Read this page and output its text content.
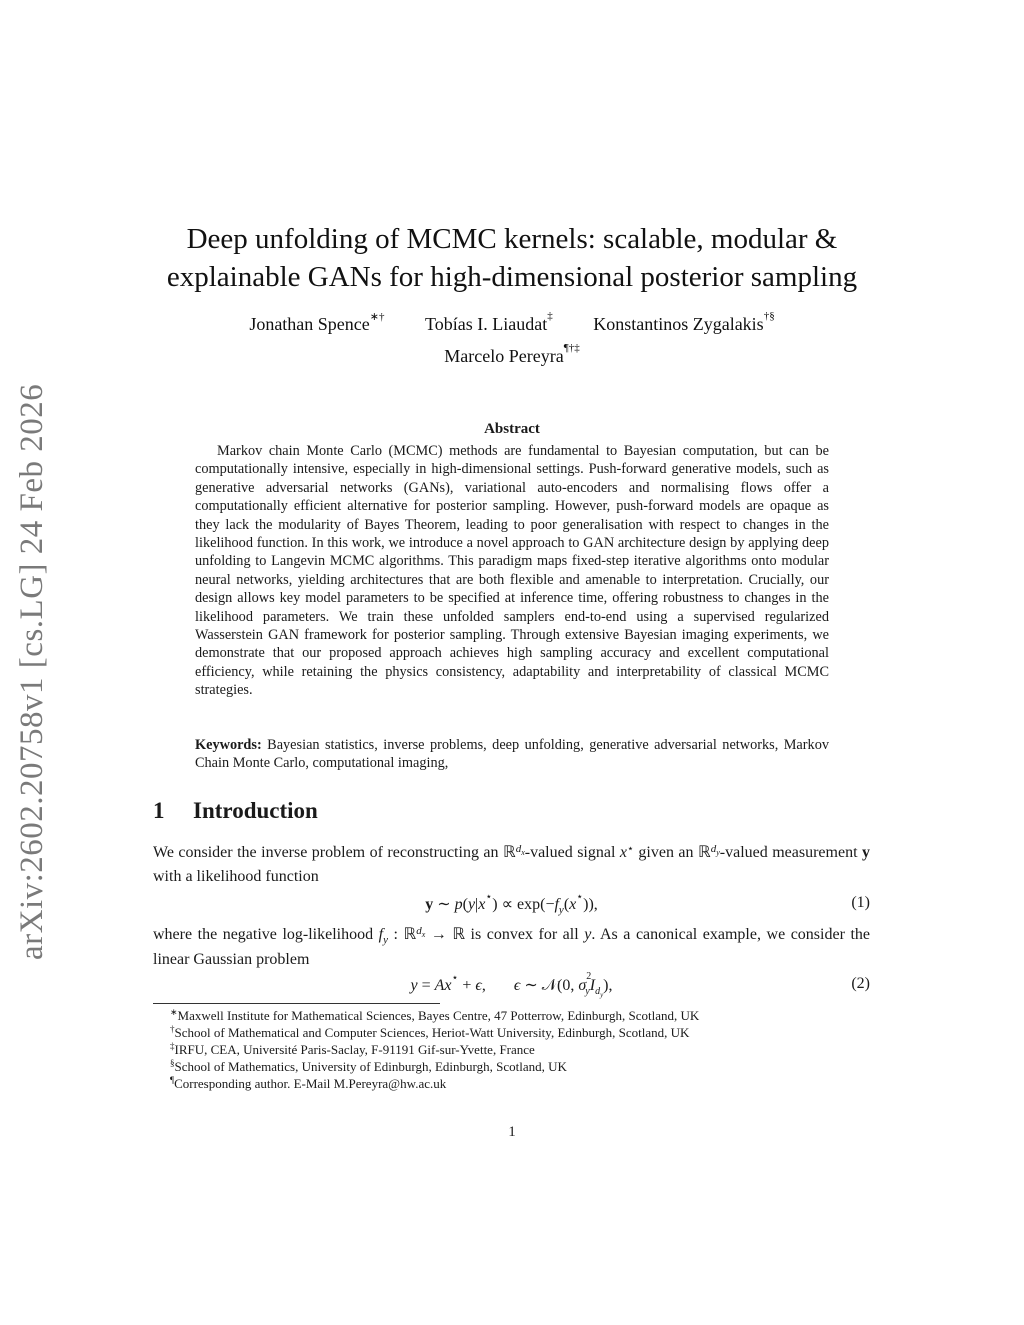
arXiv:2602.20758v1 [cs.LG] 24 Feb 2026
Deep unfolding of MCMC kernels: scalable, modular &
explainable GANs for high-dimensional posterior sampling
Jonathan Spence∗† Tobías I. Liaudat‡ Konstantinos Zygalakis†§
Marcelo Pereyra¶†‡
Abstract
Markov chain Monte Carlo (MCMC) methods are fundamental to Bayesian computation, but can be computationally intensive, especially in high-dimensional settings. Push-forward generative models, such as generative adversarial networks (GANs), variational auto-encoders and normalising flows offer a computationally efficient alternative for posterior sampling. However, push-forward models are opaque as they lack the modularity of Bayes Theorem, leading to poor generalisation with respect to changes in the likelihood function. In this work, we introduce a novel approach to GAN architecture design by applying deep unfolding to Langevin MCMC algorithms. This paradigm maps fixed-step iterative algorithms onto modular neural networks, yielding architectures that are both flexible and amenable to interpretation. Crucially, our design allows key model parameters to be specified at inference time, offering robustness to changes in the likelihood parameters. We train these unfolded samplers end-to-end using a supervised regularized Wasserstein GAN framework for posterior sampling. Through extensive Bayesian imaging experiments, we demonstrate that our proposed approach achieves high sampling accuracy and excellent computational efficiency, while retaining the physics consistency, adaptability and interpretability of classical MCMC strategies.
Keywords: Bayesian statistics, inverse problems, deep unfolding, generative adversarial networks, Markov Chain Monte Carlo, computational imaging,
1 Introduction
We consider the inverse problem of reconstructing an ℝ$^{d_x}$-valued signal x⋆ given an ℝ$^{d_y}$-valued measurement y with a likelihood function
y ∼ $p(y|x^⋆) \propto \exp(-f_y(x^⋆))$,	(1)
where the negative log-likelihood $f_y$ : ℝ$^{d_x}$ → ℝ is convex for all y. As a canonical example, we consider the linear Gaussian problem
y = Ax⋆ + ϵ,       ϵ ∼ 𝒩(0, $\sigma^2_yI_{d_y}$),	(2)
∗Maxwell Institute for Mathematical Sciences, Bayes Centre, 47 Potterrow, Edinburgh, Scotland, UK
†School of Mathematical and Computer Sciences, Heriot-Watt University, Edinburgh, Scotland, UK
‡IRFU, CEA, Université Paris-Saclay, F-91191 Gif-sur-Yvette, France
§School of Mathematics, University of Edinburgh, Edinburgh, Scotland, UK
¶Corresponding author. E-Mail M.Pereyra@hw.ac.uk
1
